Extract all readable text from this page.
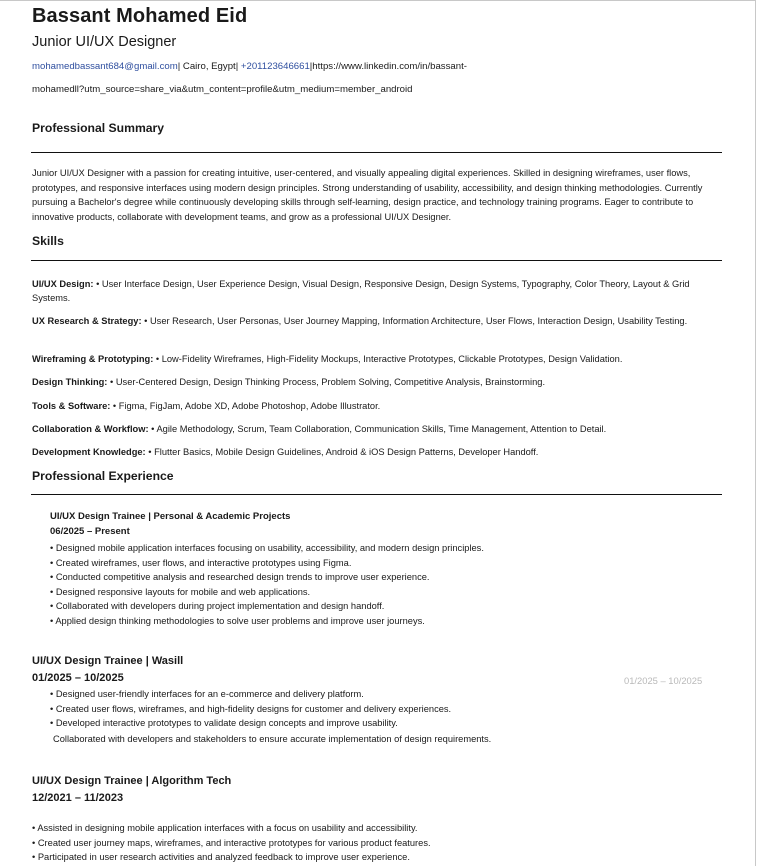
Bassant Mohamed Eid
Junior UI/UX Designer
mohamedbassant684@gmail.com| Cairo, Egypt| +201123646661|https://www.linkedin.com/in/bassant-
mohamedll?utm_source=share_via&utm_content=profile&utm_medium=member_android
Professional Summary
Junior UI/UX Designer with a passion for creating intuitive, user-centered, and visually appealing digital experiences. Skilled in designing wireframes, user flows, prototypes, and responsive interfaces using modern design principles. Strong understanding of usability, accessibility, and design thinking methodologies. Currently pursuing a Bachelor's degree while continuously developing skills through self-learning, design practice, and technology training programs. Eager to contribute to innovative products, collaborate with development teams, and grow as a professional UI/UX Designer.
Skills
UI/UX Design: • User Interface Design, User Experience Design, Visual Design, Responsive Design, Design Systems, Typography, Color Theory, Layout & Grid Systems.
UX Research & Strategy: • User Research, User Personas, User Journey Mapping, Information Architecture, User Flows, Interaction Design, Usability Testing.
Wireframing & Prototyping: • Low-Fidelity Wireframes, High-Fidelity Mockups, Interactive Prototypes, Clickable Prototypes, Design Validation.
Design Thinking: • User-Centered Design, Design Thinking Process, Problem Solving, Competitive Analysis, Brainstorming.
Tools & Software: • Figma, FigJam, Adobe XD, Adobe Photoshop, Adobe Illustrator.
Collaboration & Workflow: • Agile Methodology, Scrum, Team Collaboration, Communication Skills, Time Management, Attention to Detail.
Development Knowledge: • Flutter Basics, Mobile Design Guidelines, Android & iOS Design Patterns, Developer Handoff.
Professional Experience
UI/UX Design Trainee | Personal & Academic Projects
06/2025 – Present
• Designed mobile application interfaces focusing on usability, accessibility, and modern design principles.
• Created wireframes, user flows, and interactive prototypes using Figma.
• Conducted competitive analysis and researched design trends to improve user experience.
• Designed responsive layouts for mobile and web applications.
• Collaborated with developers during project implementation and design handoff.
• Applied design thinking methodologies to solve user problems and improve user journeys.
UI/UX Design Trainee | Wasill
01/2025 – 10/2025	01/2025 – 10/2025
• Designed user-friendly interfaces for an e-commerce and delivery platform.
• Created user flows, wireframes, and high-fidelity designs for customer and delivery experiences.
• Developed interactive prototypes to validate design concepts and improve usability.
Collaborated with developers and stakeholders to ensure accurate implementation of design requirements.
UI/UX Design Trainee | Algorithm Tech
12/2021 – 11/2023
• Assisted in designing mobile application interfaces with a focus on usability and accessibility.
• Created user journey maps, wireframes, and interactive prototypes for various product features.
• Participated in user research activities and analyzed feedback to improve user experience.
